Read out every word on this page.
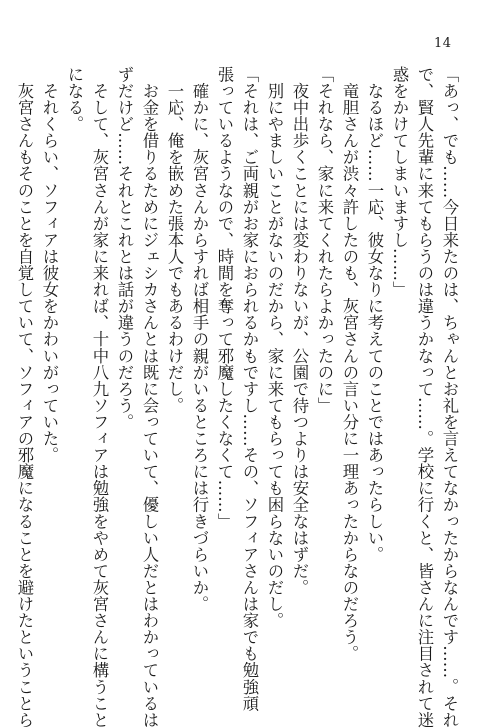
14
「あっ、でも……今日来たのは、ちゃんとお礼を言えてなかったからなんです……。それ
で、賢人先輩に来てもらうのは違うかなって……。学校に行くと、皆さんに注目されて迷
惑をかけてしまいますし……」
　なるほど……一応、彼女なりに考えてのことではあったらしい。
　竜胆さんが渋々許したのも、灰宮さんの言い分に一理あったからなのだろう。
「それなら、家に来てくれたらよかったのに」
　夜中出歩くことには変わりないが、公園で待つよりは安全なはずだ。
　別にやましいことがないのだから、家に来てもらっても困らないのだし。
「それは、ご両親がお家におられるかもですし……その、ソフィアさんは家でも勉強頑
張っているようなので、時間を奪って邪魔したくなくて……」
　確かに、灰宮さんからすれば相手の親がいるところには行きづらいか。
　一応、俺を嵌めた張本人でもあるわけだし。
　お金を借りるためにジェシカさんとは既に会っていて、優しい人だとはわかっているは
ずだけど……それとこれとは話が違うのだろう。
　そして、灰宮さんが家に来れば、十中八九ソフィアは勉強をやめて灰宮さんに構うこと
になる。
　それくらい、ソフィアは彼女をかわいがっていた。
　灰宮さんもそのことを自覚していて、ソフィアの邪魔になることを避けたということら
